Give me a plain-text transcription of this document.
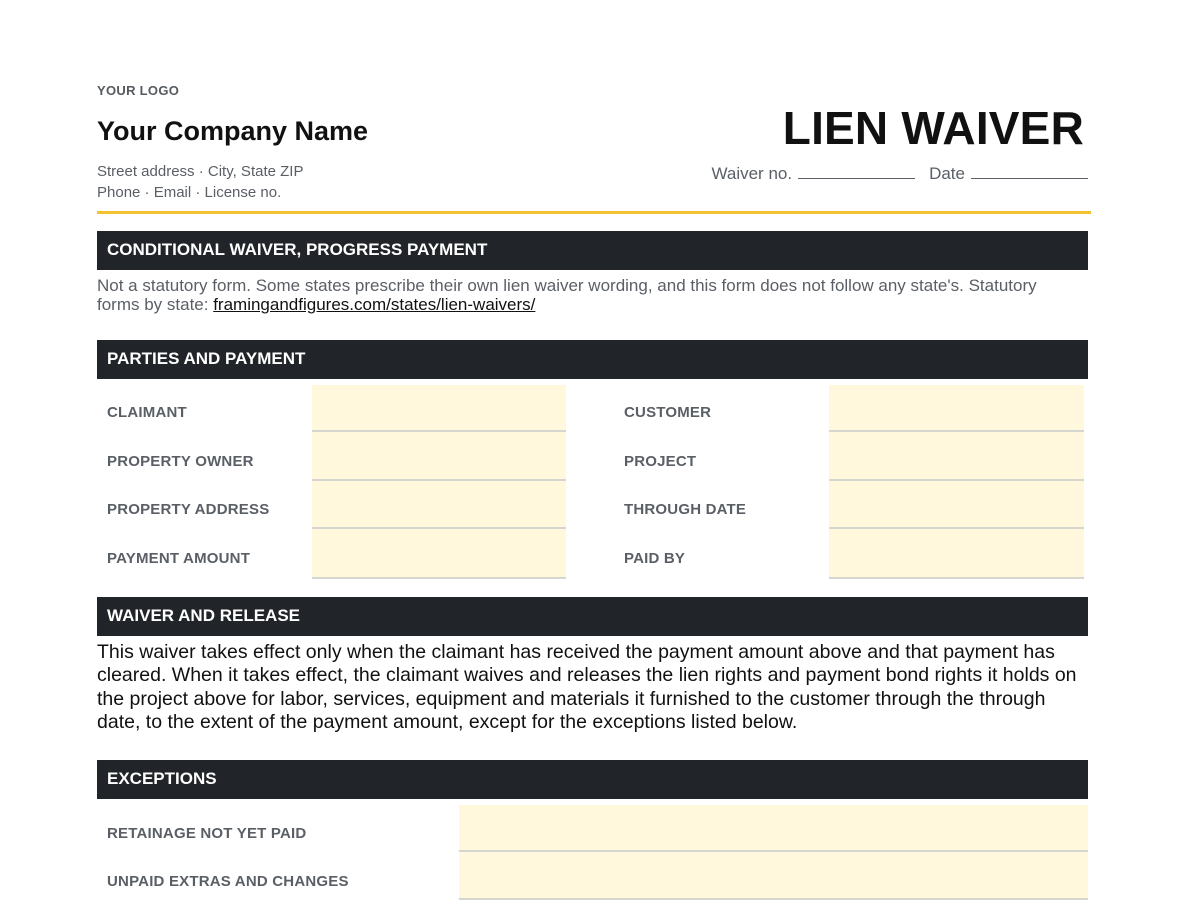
YOUR LOGO
Your Company Name
Street address · City, State ZIP
Phone · Email · License no.
LIEN WAIVER
Waiver no.	Date
CONDITIONAL WAIVER, PROGRESS PAYMENT
Not a statutory form. Some states prescribe their own lien waiver wording, and this form does not follow any state's. Statutory forms by state: framingandfigures.com/states/lien-waivers/
PARTIES AND PAYMENT
CLAIMANT	CUSTOMER
PROPERTY OWNER	PROJECT
PROPERTY ADDRESS	THROUGH DATE
PAYMENT AMOUNT	PAID BY
WAIVER AND RELEASE
This waiver takes effect only when the claimant has received the payment amount above and that payment has cleared. When it takes effect, the claimant waives and releases the lien rights and payment bond rights it holds on the project above for labor, services, equipment and materials it furnished to the customer through the through date, to the extent of the payment amount, except for the exceptions listed below.
EXCEPTIONS
RETAINAGE NOT YET PAID
UNPAID EXTRAS AND CHANGES
